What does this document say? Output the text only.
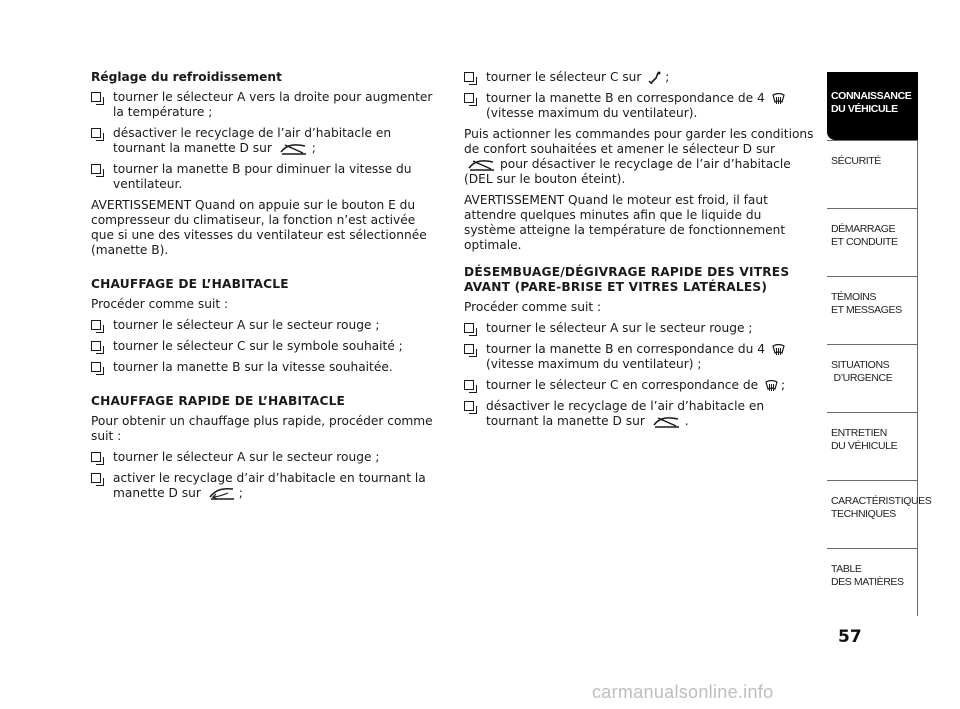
Réglage du refroidissement
tourner le sélecteur A vers la droite pour augmenter la température ;
désactiver le recyclage de l’air d’habitacle en tournant la manette D sur	;
tourner la manette B pour diminuer la vitesse du ventilateur.
AVERTISSEMENT Quand on appuie sur le bouton E du compresseur du climatiseur, la fonction n’est activée que si une des vitesses du ventilateur est sélectionnée (manette B).
CHAUFFAGE DE L’HABITACLE
Procéder comme suit :
tourner le sélecteur A sur le secteur rouge ;
tourner le sélecteur C sur le symbole souhaité ;
tourner la manette B sur la vitesse souhaitée.
CHAUFFAGE RAPIDE DE L’HABITACLE
Pour obtenir un chauffage plus rapide, procéder comme suit :
tourner le sélecteur A sur le secteur rouge ;
activer le recyclage d’air d’habitacle en tournant la manette D sur	;
tourner le sélecteur C sur ;
tourner la manette B en correspondance de 4 (vitesse maximum du ventilateur).
Puis actionner les commandes pour garder les conditions de confort souhaitées et amener le sélecteur D sur pour désactiver le recyclage de l’air d’habitacle (DEL sur le bouton éteint).
AVERTISSEMENT Quand le moteur est froid, il faut attendre quelques minutes afin que le liquide du système atteigne la température de fonctionnement optimale.
DÉSEMBUAGE/DÉGIVRAGE RAPIDE DES VITRES AVANT (PARE-BRISE ET VITRES LATÉRALES)
Procéder comme suit :
tourner le sélecteur A sur le secteur rouge ;
tourner la manette B en correspondance du 4 (vitesse maximum du ventilateur) ;
tourner le sélecteur C en correspondance de ;
désactiver le recyclage de l’air d’habitacle en tournant la manette D sur	.
CONNAISSANCE
DU VÉHICULE
SÉCURITÉ
DÉMARRAGE
ET CONDUITE
TÉMOINS
ET MESSAGES
SITUATIONS
D’URGENCE
ENTRETIEN
DU VÉHICULE
CARACTÉRISTIQUES
TECHNIQUES
TABLE
DES MATIÈRES
57
carmanualsonline.info
